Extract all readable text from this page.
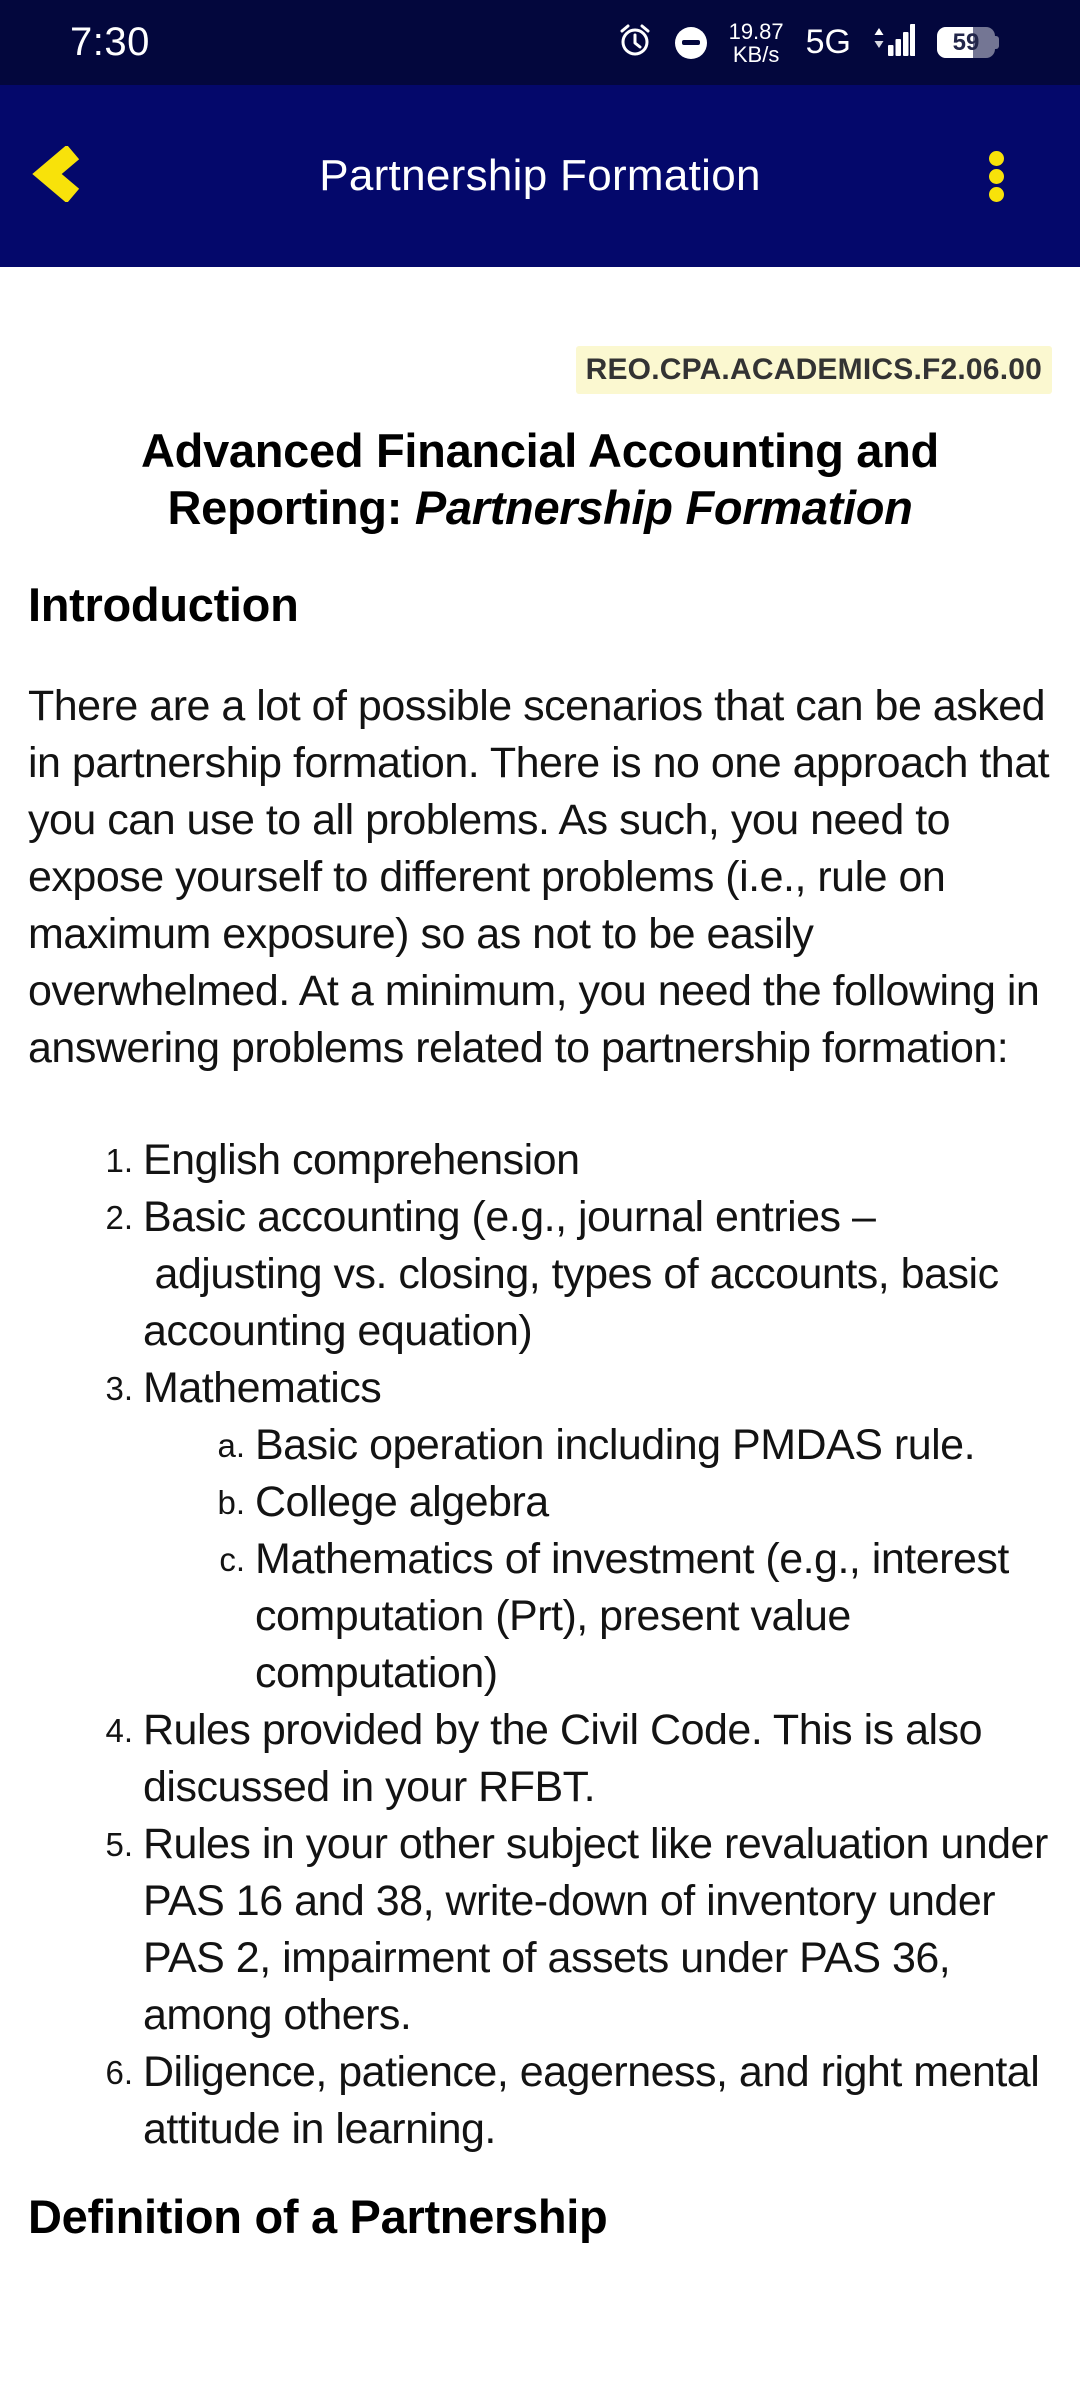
7:30	19.87
KB/s 5G	59
Partnership Formation
REO.CPA.ACADEMICS.F2.06.00
Advanced Financial Accounting and Reporting: Partnership Formation
Introduction

There are a lot of possible scenarios that can be asked in partnership formation. There is no one approach that you can use to all problems. As such, you need to expose yourself to different problems (i.e., rule on maximum exposure) so as not to be easily overwhelmed. At a minimum, you need the following in answering problems related to partnership formation:

1. English comprehension
2. Basic accounting (e.g., journal entries – adjusting vs. closing, types of accounts, basic accounting equation)
3. Mathematics
a. Basic operation including PMDAS rule.
b. College algebra
c. Mathematics of investment (e.g., interest computation (Prt), present value computation)
4. Rules provided by the Civil Code. This is also discussed in your RFBT.
5. Rules in your other subject like revaluation under PAS 16 and 38, write-down of inventory under PAS 2, impairment of assets under PAS 36, among others.
6. Diligence, patience, eagerness, and right mental attitude in learning.
Definition of a Partnership
